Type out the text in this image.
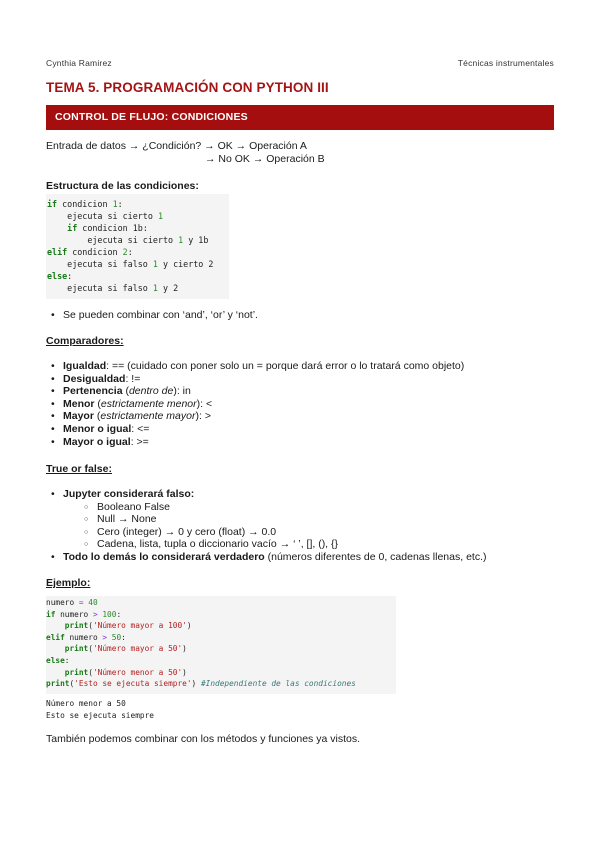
Cynthia Ramirez	Técnicas instrumentales
TEMA 5. PROGRAMACIÓN CON PYTHON III
CONTROL DE FLUJO: CONDICIONES
Entrada de datos → ¿Condición? → OK → Operación A
→ No OK → Operación B
Estructura de las condiciones:
if condicion 1:
ejecuta si cierto 1
if condicion 1b:
ejecuta si cierto 1 y 1b
elif condicion 2:
ejecuta si falso 1 y cierto 2
else:
ejecuta si falso 1 y 2
• Se pueden combinar con ‘and’, ‘or’ y ‘not’.
Comparadores:
• Igualdad: == (cuidado con poner solo un = porque dará error o lo tratará como objeto)
• Desigualdad: !=
• Pertenencia (dentro de): in
• Menor (estrictamente menor): <
• Mayor (estrictamente mayor): >
• Menor o igual: <=
• Mayor o igual: >=
True or false:
• Jupyter considerará falso:
○ Booleano False
○ Null → None
○ Cero (integer) → 0 y cero (float) → 0.0
○ Cadena, lista, tupla o diccionario vacío → ‘ ’, [], (), {}
• Todo lo demás lo considerará verdadero (números diferentes de 0, cadenas llenas, etc.)
Ejemplo:
numero = 40
if numero > 100:
print('Número mayor a 100')
elif numero > 50:
print('Número mayor a 50')
else:
print('Número menor a 50')
print('Esto se ejecuta siempre') #Independiente de las condiciones
Número menor a 50
Esto se ejecuta siempre
También podemos combinar con los métodos y funciones ya vistos.
